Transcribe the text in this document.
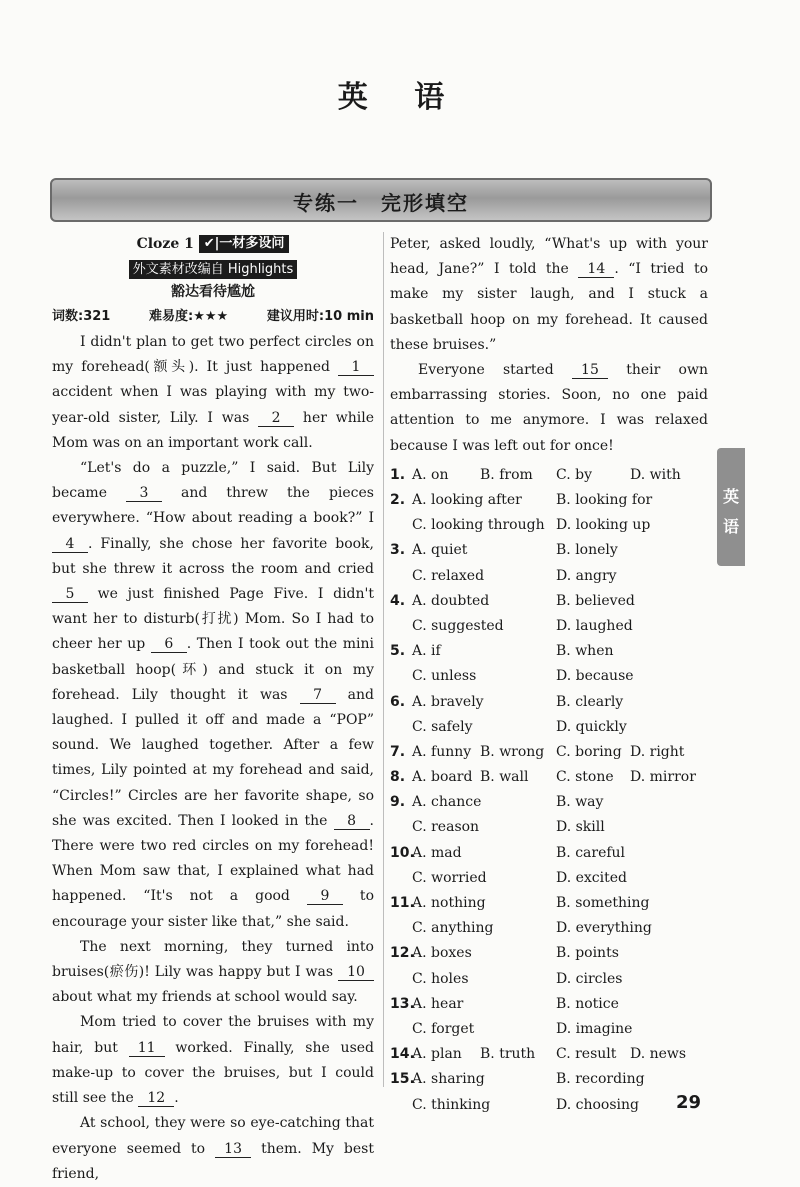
英 语
专练一　完形填空
Cloze 1 ✔|一材多设问
外文素材改编自 Highlights
豁达看待尴尬
词数:321	难易度:★★★	建议用时:10 min

I didn't plan to get two perfect circles on my forehead(额头). It just happened 1 accident when I was playing with my two-year-old sister, Lily. I was 2 her while Mom was on an important work call.

“Let's do a puzzle,” I said. But Lily became 3 and threw the pieces everywhere. “How about reading a book?” I 4 . Finally, she chose her favorite book, but she threw it across the room and cried 5 we just finished Page Five. I didn't want her to disturb(打扰) Mom. So I had to cheer her up 6 . Then I took out the mini basketball hoop(环) and stuck it on my forehead. Lily thought it was 7 and laughed. I pulled it off and made a “POP” sound. We laughed together. After a few times, Lily pointed at my forehead and said, “Circles!” Circles are her favorite shape, so she was excited. Then I looked in the 8 . There were two red circles on my forehead! When Mom saw that, I explained what had happened. “It's not a good 9 to encourage your sister like that,” she said.

The next morning, they turned into bruises(瘀伤)! Lily was happy but I was 10 about what my friends at school would say.

Mom tried to cover the bruises with my hair, but 11 worked. Finally, she used make-up to cover the bruises, but I could still see the 12 .

At school, they were so eye-catching that everyone seemed to 13 them. My best friend,

Peter, asked loudly, “What's up with your head, Jane?” I told the 14 . “I tried to make my sister laugh, and I stuck a basketball hoop on my forehead. It caused these bruises.”

Everyone started 15 their own embarrassing stories. Soon, no one paid attention to me anymore. I was relaxed because I was left out for once!

1. A. on B. from C. by	D. with
2. A. looking after B. looking for
C. looking through D. looking up
3. A. quiet	B. lonely
C. relaxed	D. angry
4. A. doubted	B. believed
C. suggested	D. laughed
5. A. if	B. when
C. unless	D. because
6. A. bravely	B. clearly
C. safely	D. quickly
7. A. funny B. wrong C. boring D. right
8. A. board B. wall C. stone D. mirror
9. A. chance	B. way
C. reason	D. skill
10.
A. mad	B. careful
C. worried	D. excited
11.
A. nothing	B. something
C. anything	D. everything
12.
A. boxes	B. points
C. holes	D. circles
13.
A. hear	B. notice
C. forget	D. imagine
14.
A. plan B. truth C. result D. news
15.
A. sharing	B. recording
C. thinking	D. choosing
英语
29
